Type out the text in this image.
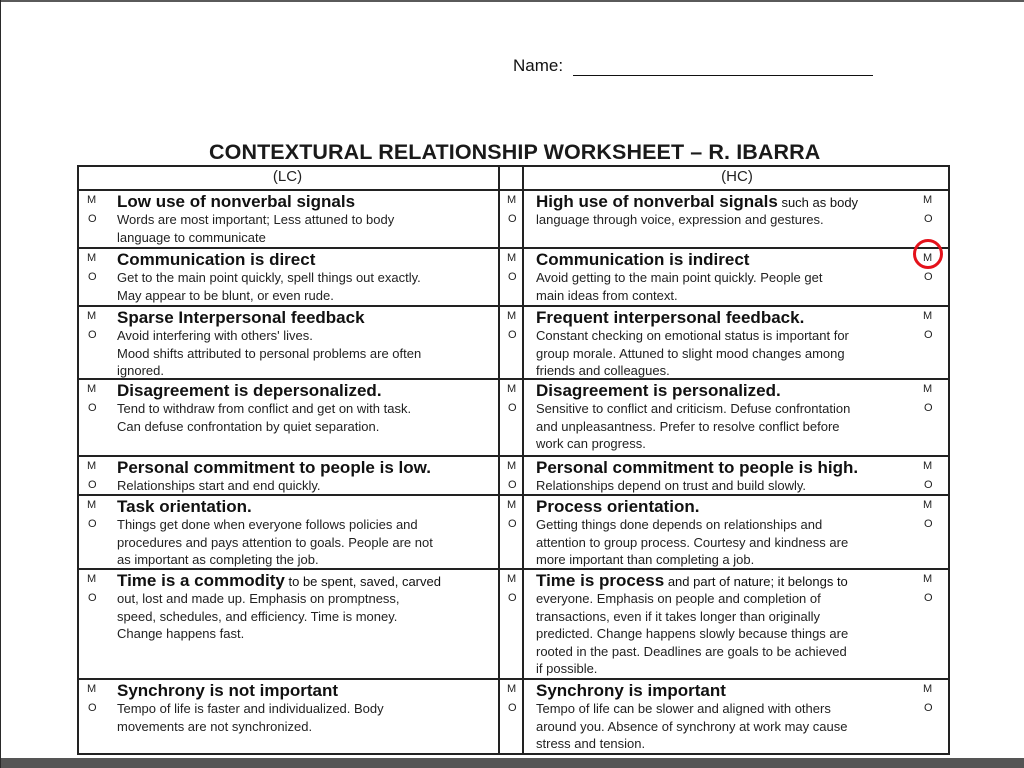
Name:
CONTEXTURAL RELATIONSHIP WORKSHEET – R. IBARRA
(LC)	(HC)
M
O
Low use of nonverbal signals

Words are most important; Less attuned to body

language to communicate

M
O
M
O
High use of nonverbal signals such as body

language through voice, expression and gestures.

M
O
Communication is direct

Get to the main point quickly, spell things out exactly.

May appear to be blunt, or even rude.

M
O
M
O
Communication is indirect

Avoid getting to the main point quickly. People get

main ideas from context.

M
O
Sparse Interpersonal feedback

Avoid interfering with others' lives.

Mood shifts attributed to personal problems are often

ignored.

M
O
M
O
Frequent interpersonal feedback.

Constant checking on emotional status is important for

group morale. Attuned to slight mood changes among

friends and colleagues.

M
O
Disagreement is depersonalized.

Tend to withdraw from conflict and get on with task.

Can defuse confrontation by quiet separation.

M
O
M
O
Disagreement is personalized.

Sensitive to conflict and criticism. Defuse confrontation

and unpleasantness. Prefer to resolve conflict before

work can progress.

M
O
Personal commitment to people is low.

Relationships start and end quickly.

M
O
M
O
Personal commitment to people is high.

Relationships depend on trust and build slowly.

M
O
Task orientation.

Things get done when everyone follows policies and

procedures and pays attention to goals. People are not

as important as completing the job.

M
O
M
O
Process orientation.

Getting things done depends on relationships and

attention to group process. Courtesy and kindness are

more important than completing a job.

M
O
Time is a commodity to be spent, saved, carved

out, lost and made up. Emphasis on promptness,

speed, schedules, and efficiency. Time is money.

Change happens fast.

M
O
M
O
Time is process and part of nature; it belongs to

everyone. Emphasis on people and completion of

transactions, even if it takes longer than originally

predicted. Change happens slowly because things are

rooted in the past. Deadlines are goals to be achieved

if possible.

M
O
Synchrony is not important

Tempo of life is faster and individualized. Body

movements are not synchronized.

M
O
M
O
Synchrony is important

Tempo of life can be slower and aligned with others

around you. Absence of synchrony at work may cause

stress and tension.
